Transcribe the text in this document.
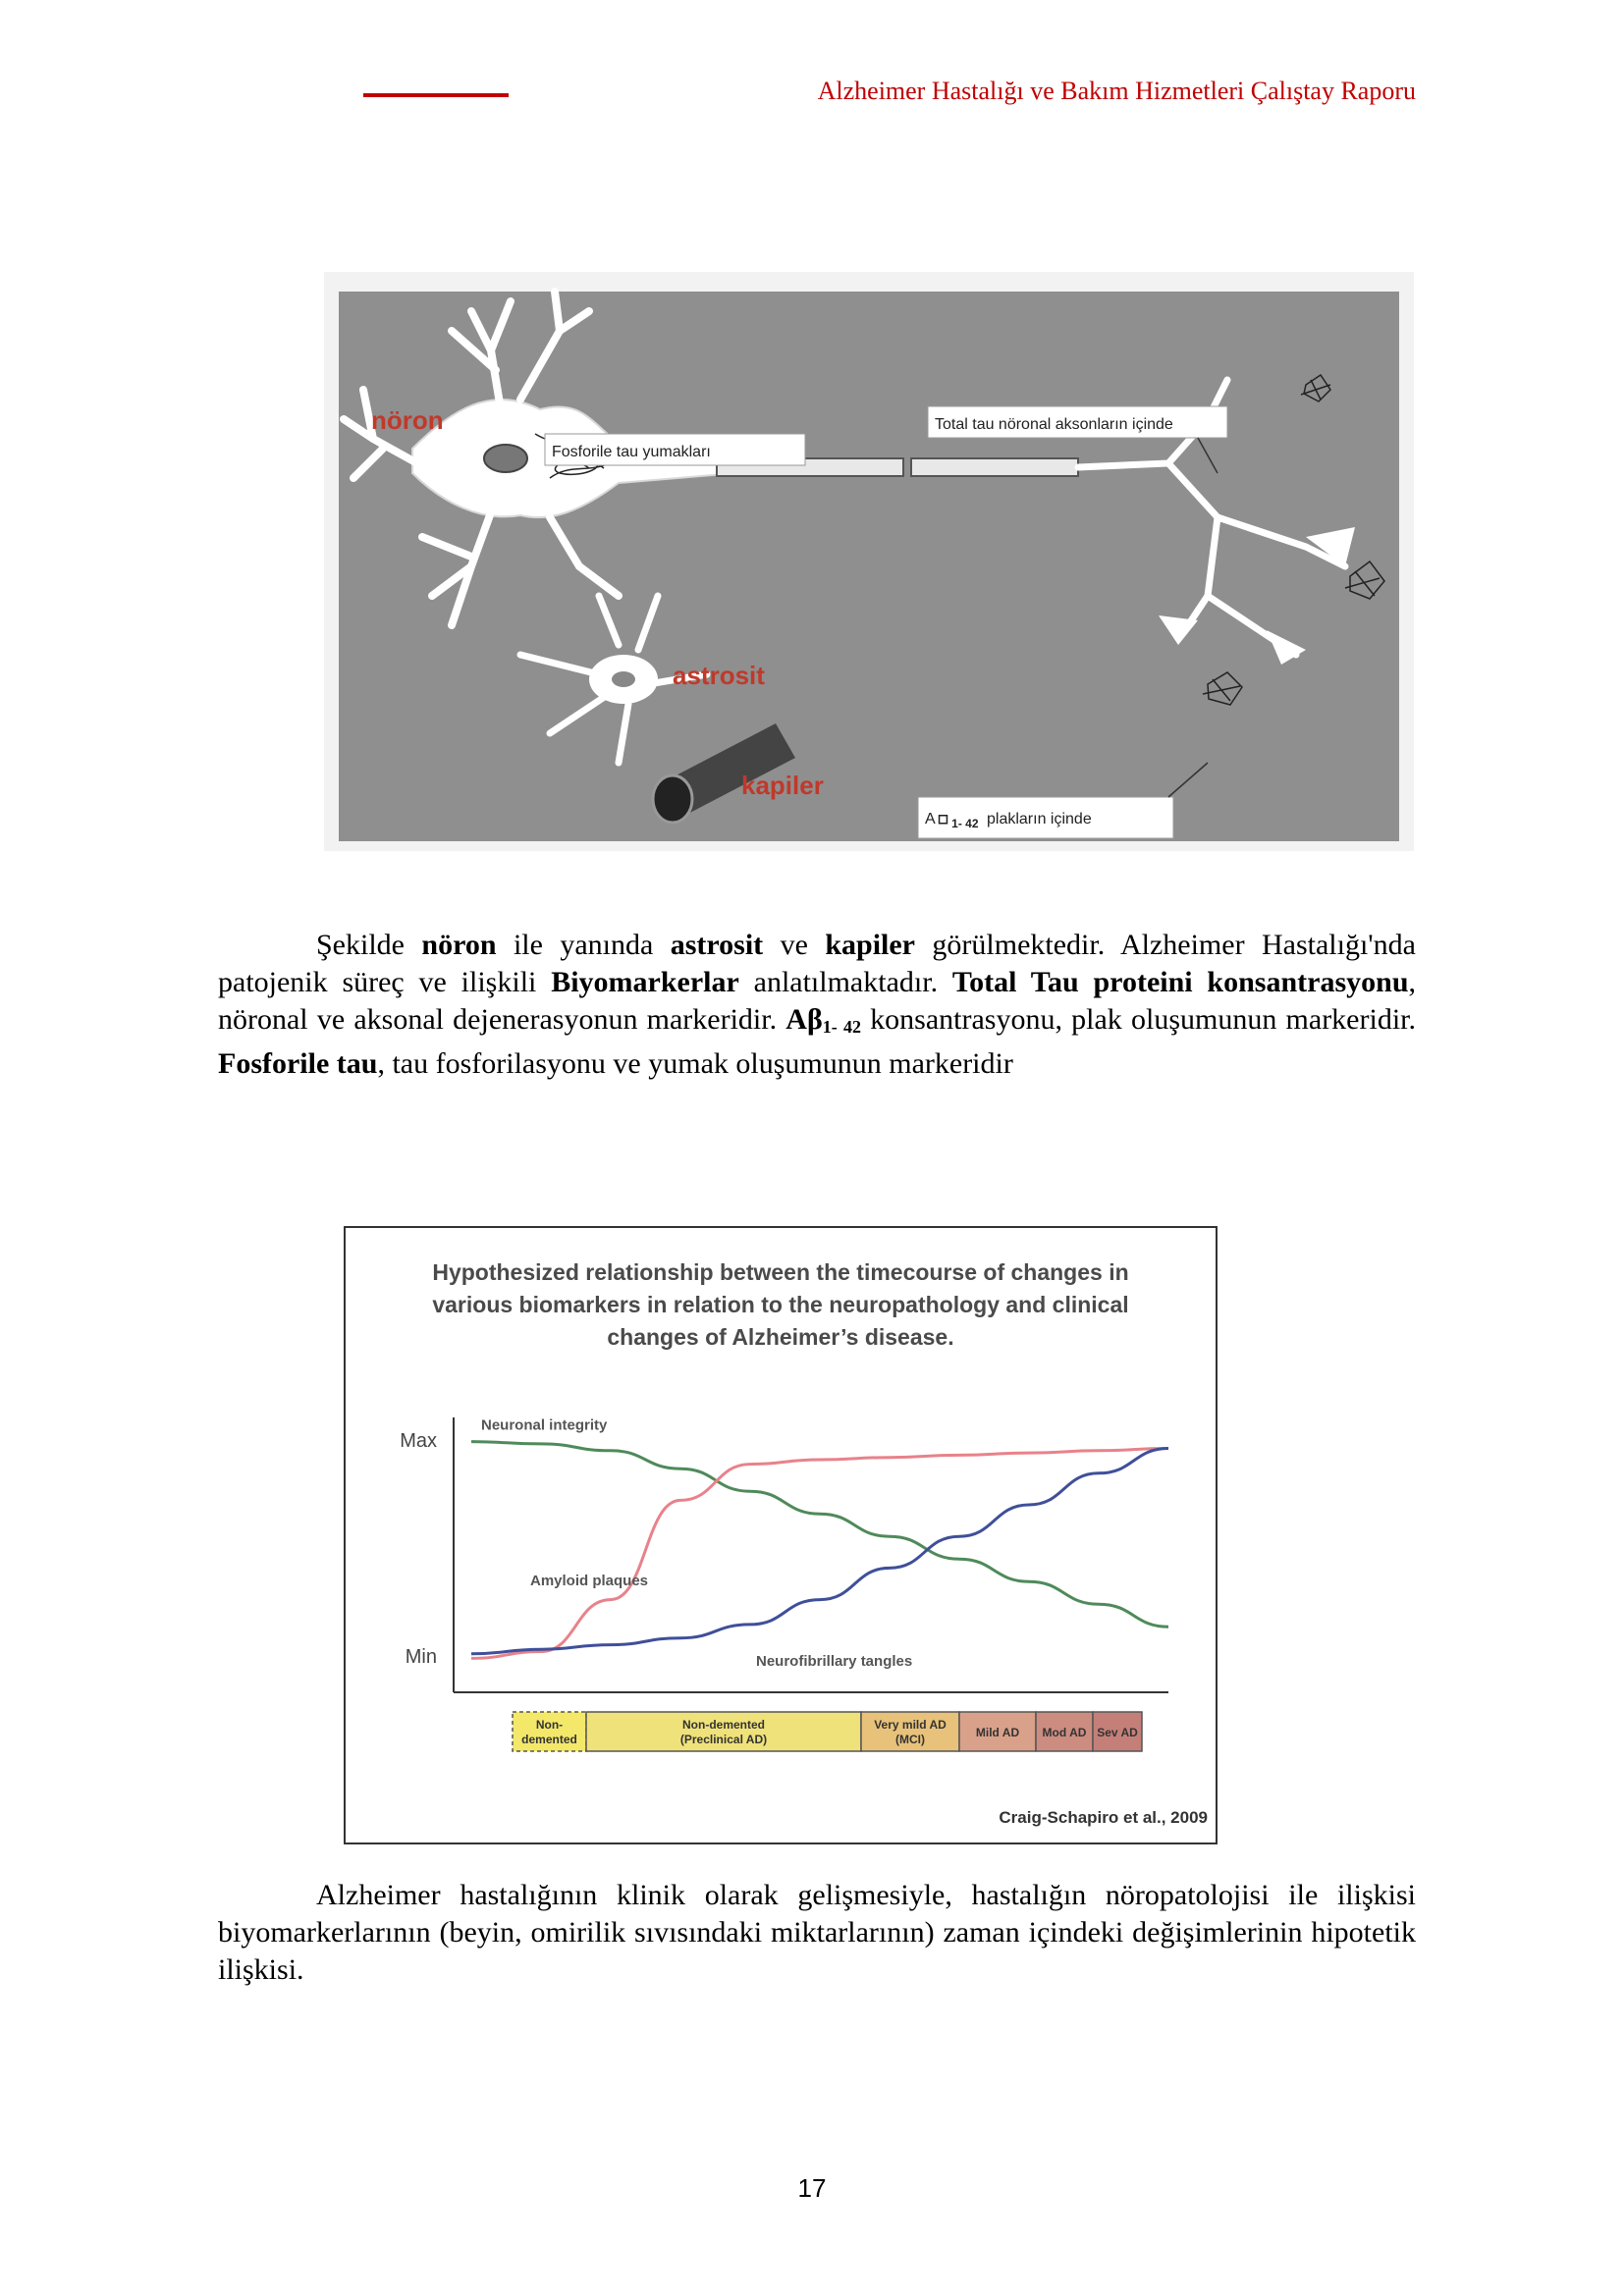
Alzheimer Hastalığı ve Bakım Hizmetleri Çalıştay Raporu
nöron
astrosit
kapiler
Fosforile tau yumakları
Total tau nöronal aksonların içinde
A □ $_{1- 42}$ plakların içinde

Şekilde nöron ile yanında astrosit ve kapiler görülmektedir. Alzheimer Hastalığı'nda patojenik süreç ve ilişkili Biyomarkerlar anlatılmaktadır. Total Tau proteini konsantrasyonu, nöronal ve aksonal dejenerasyonun markeridir. $A\beta_{1- 42}$ konsantrasyonu, plak oluşumunun markeridir. Fosforile tau, tau fosforilasyonu ve yumak oluşumunun markeridir

Hypothesized relationship between the timecourse of changes in
various biomarkers in relation to the neuropathology and clinical
changes of Alzheimer’s disease.
Max
Min
Neuronal integrity
Amyloid plaques
Neurofibrillary tangles
Non-
demented
Non-demented
(Preclinical AD)
Very mild AD
(MCI)	Mild AD Mod AD Sev AD
Craig-Schapiro et al., 2009

Alzheimer hastalığının klinik olarak gelişmesiyle, hastalığın nöropatolojisi ile ilişkisi biyomarkerlarının (beyin, omirilik sıvısındaki miktarlarının) zaman içindeki değişimlerinin hipotetik ilişkisi.

17
